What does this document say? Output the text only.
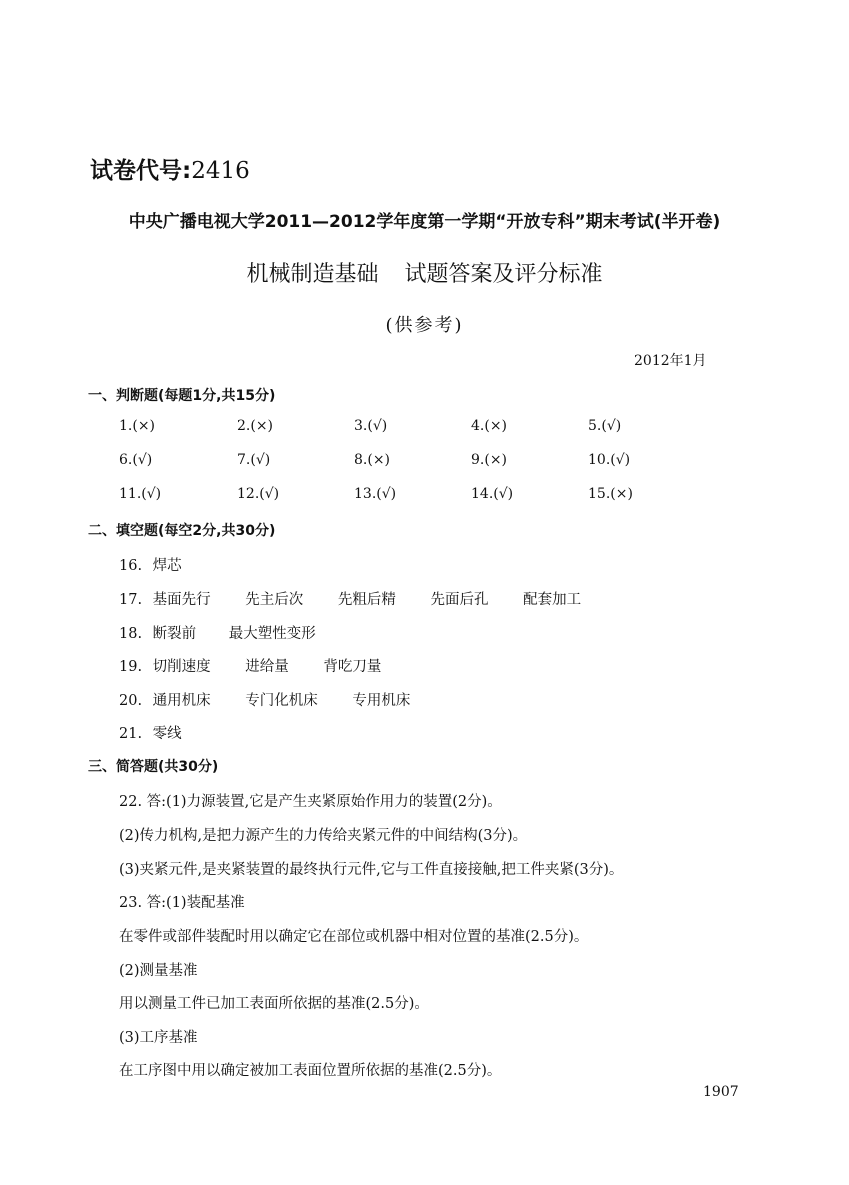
试卷代号:2416
中央广播电视大学2011—2012学年度第一学期“开放专科”期末考试(半开卷)
机械制造基础 试题答案及评分标准
(供参考)
2012年1月
一、判断题(每题1分,共15分)
1.(×)	2.(×)	3.(√)	4.(×)	5.(√)
6.(√)	7.(√)	8.(×)	9.(×)	10.(√)
11.(√)	12.(√)	13.(√)	14.(√)	15.(×)
二、填空题(每空2分,共30分)
16. 焊芯
17. 基面先行 先主后次 先粗后精 先面后孔 配套加工
18. 断裂前 最大塑性变形
19. 切削速度 进给量 背吃刀量
20. 通用机床 专门化机床 专用机床
21. 零线
三、简答题(共30分)
22. 答:(1)力源装置,它是产生夹紧原始作用力的装置(2分)。
(2)传力机构,是把力源产生的力传给夹紧元件的中间结构(3分)。
(3)夹紧元件,是夹紧装置的最终执行元件,它与工件直接接触,把工件夹紧(3分)。
23. 答:(1)装配基准
在零件或部件装配时用以确定它在部位或机器中相对位置的基准(2.5分)。
(2)测量基准
用以测量工件已加工表面所依据的基准(2.5分)。
(3)工序基准
在工序图中用以确定被加工表面位置所依据的基准(2.5分)。
1907
